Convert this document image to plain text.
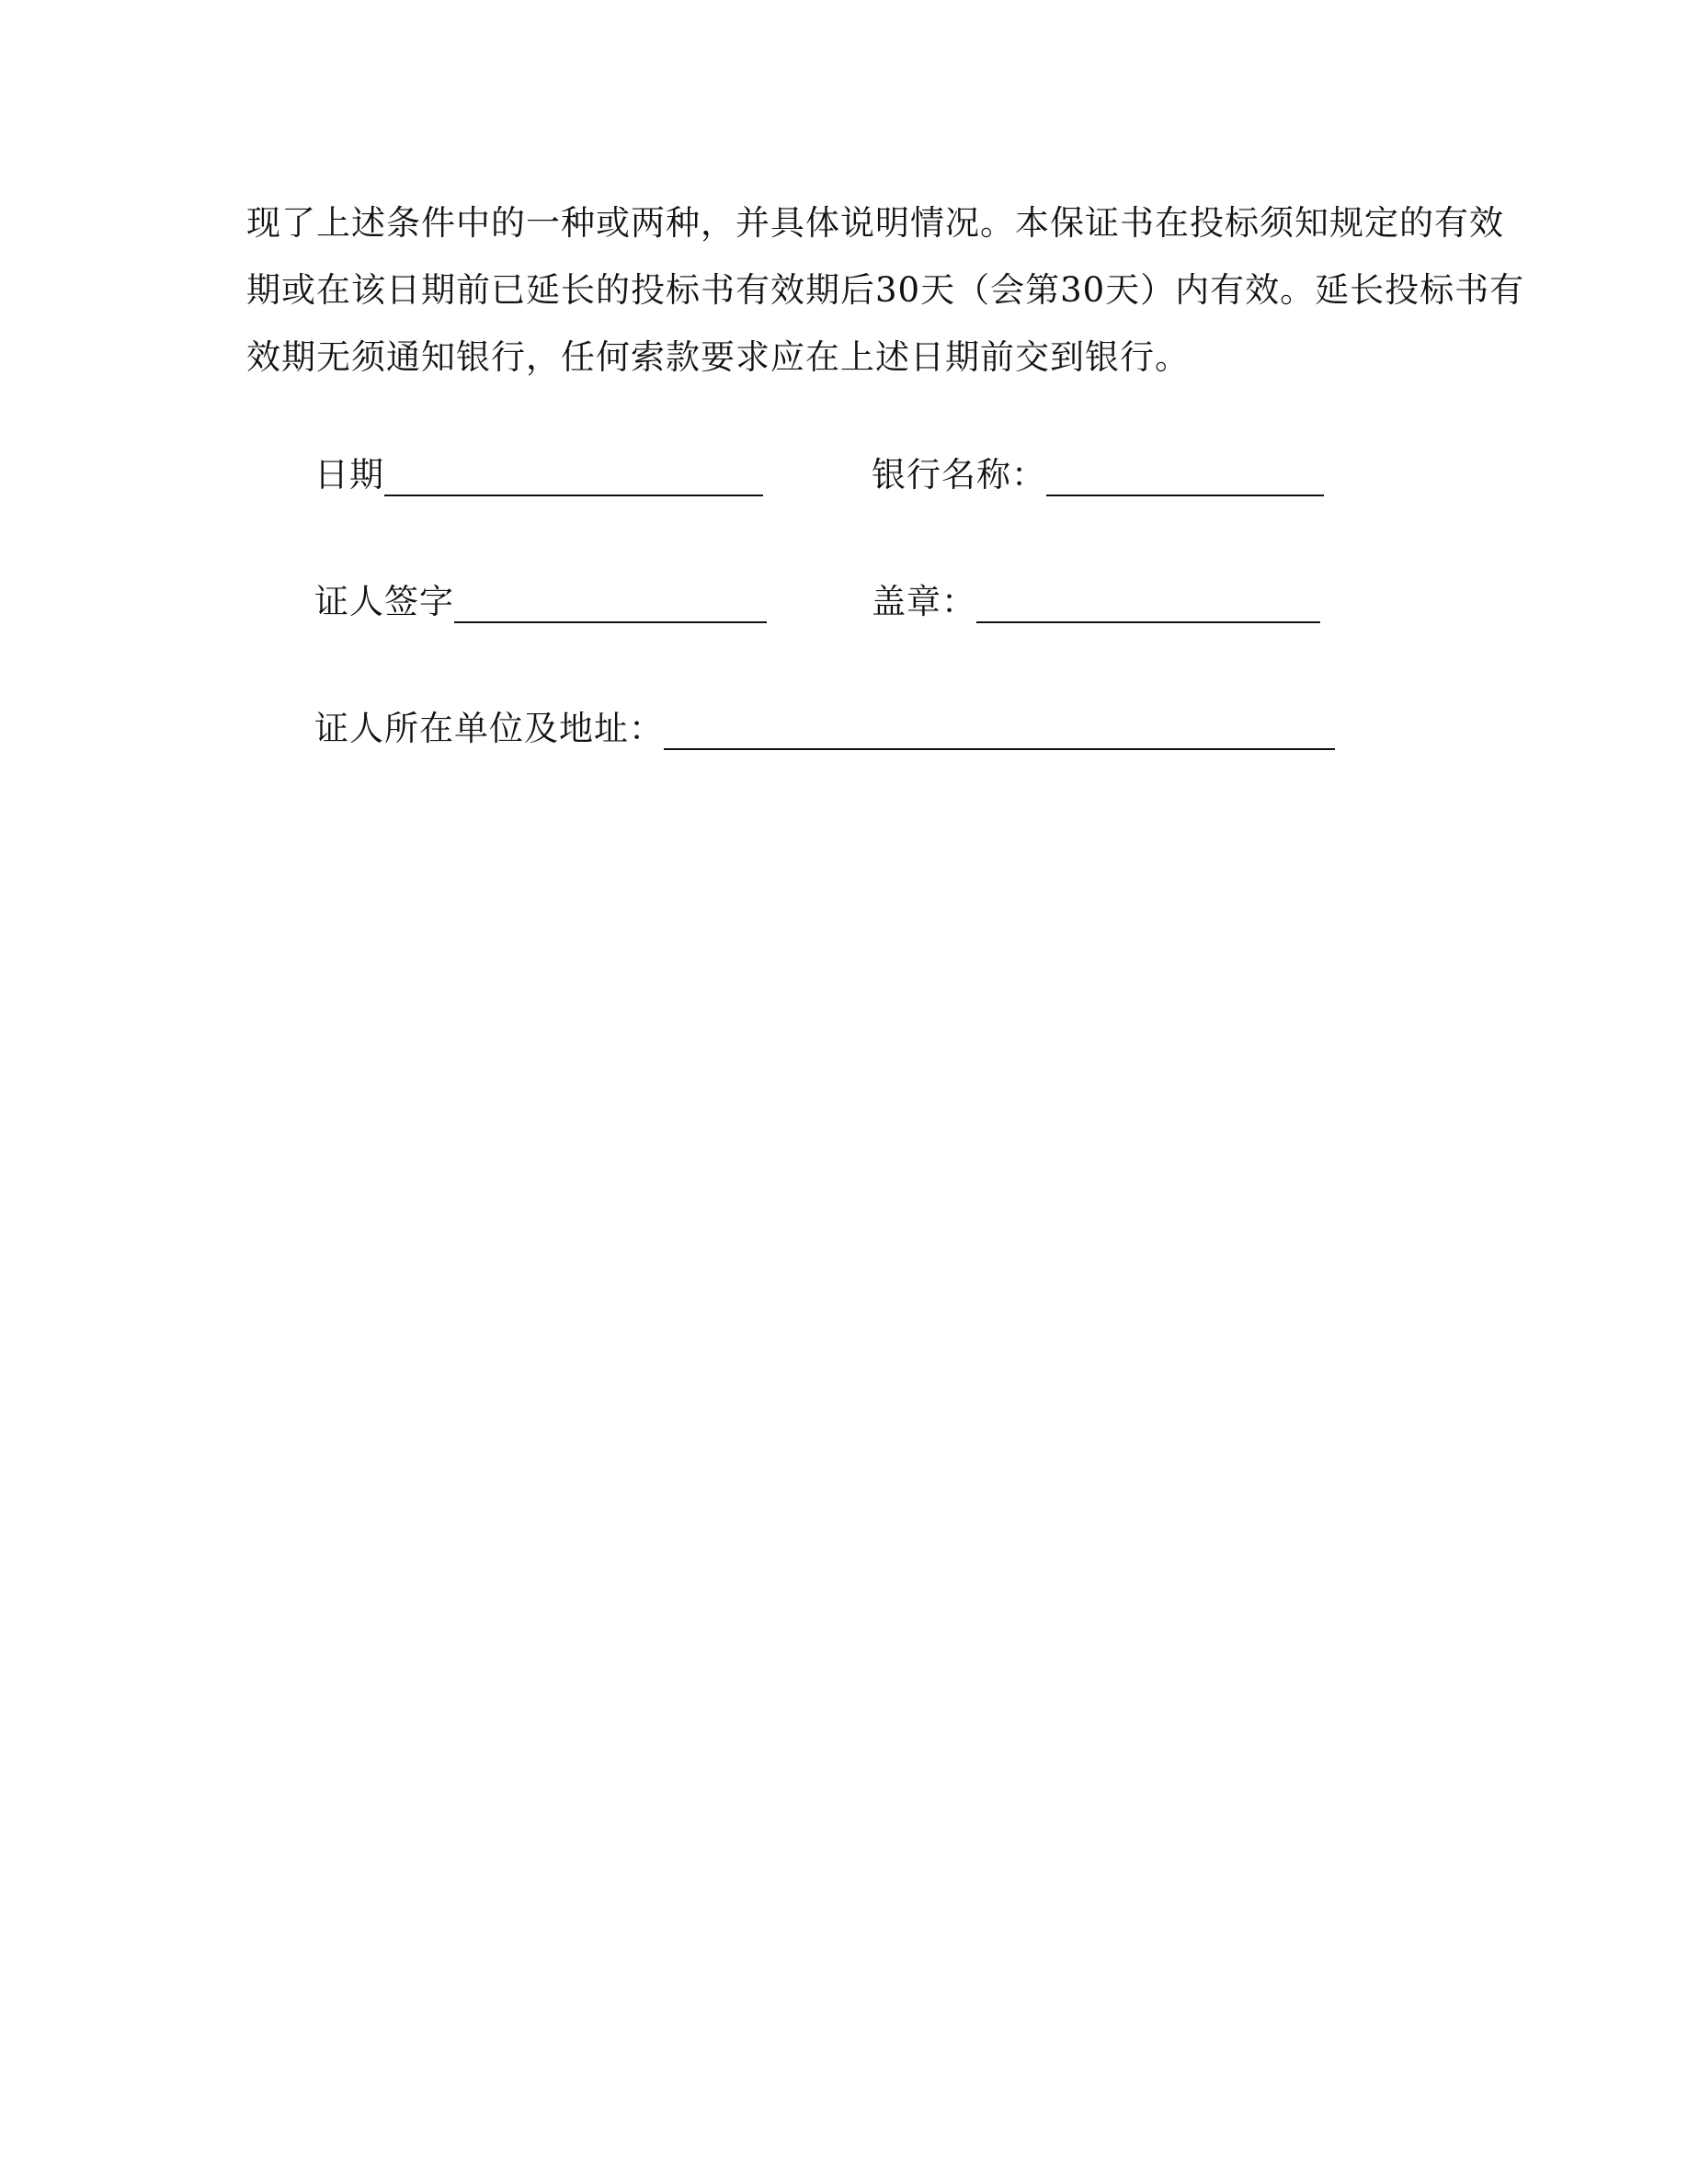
现了上述条件中的一种或两种，并具体说明情况。本保证书在投标须知规定的有效
期或在该日期前已延长的投标书有效期后30天（会第30天）内有效。延长投标书有
效期无须通知银行，任何索款要求应在上述日期前交到银行。
日期	银行名称：
证人签字	盖章：
证人所在单位及地址：
